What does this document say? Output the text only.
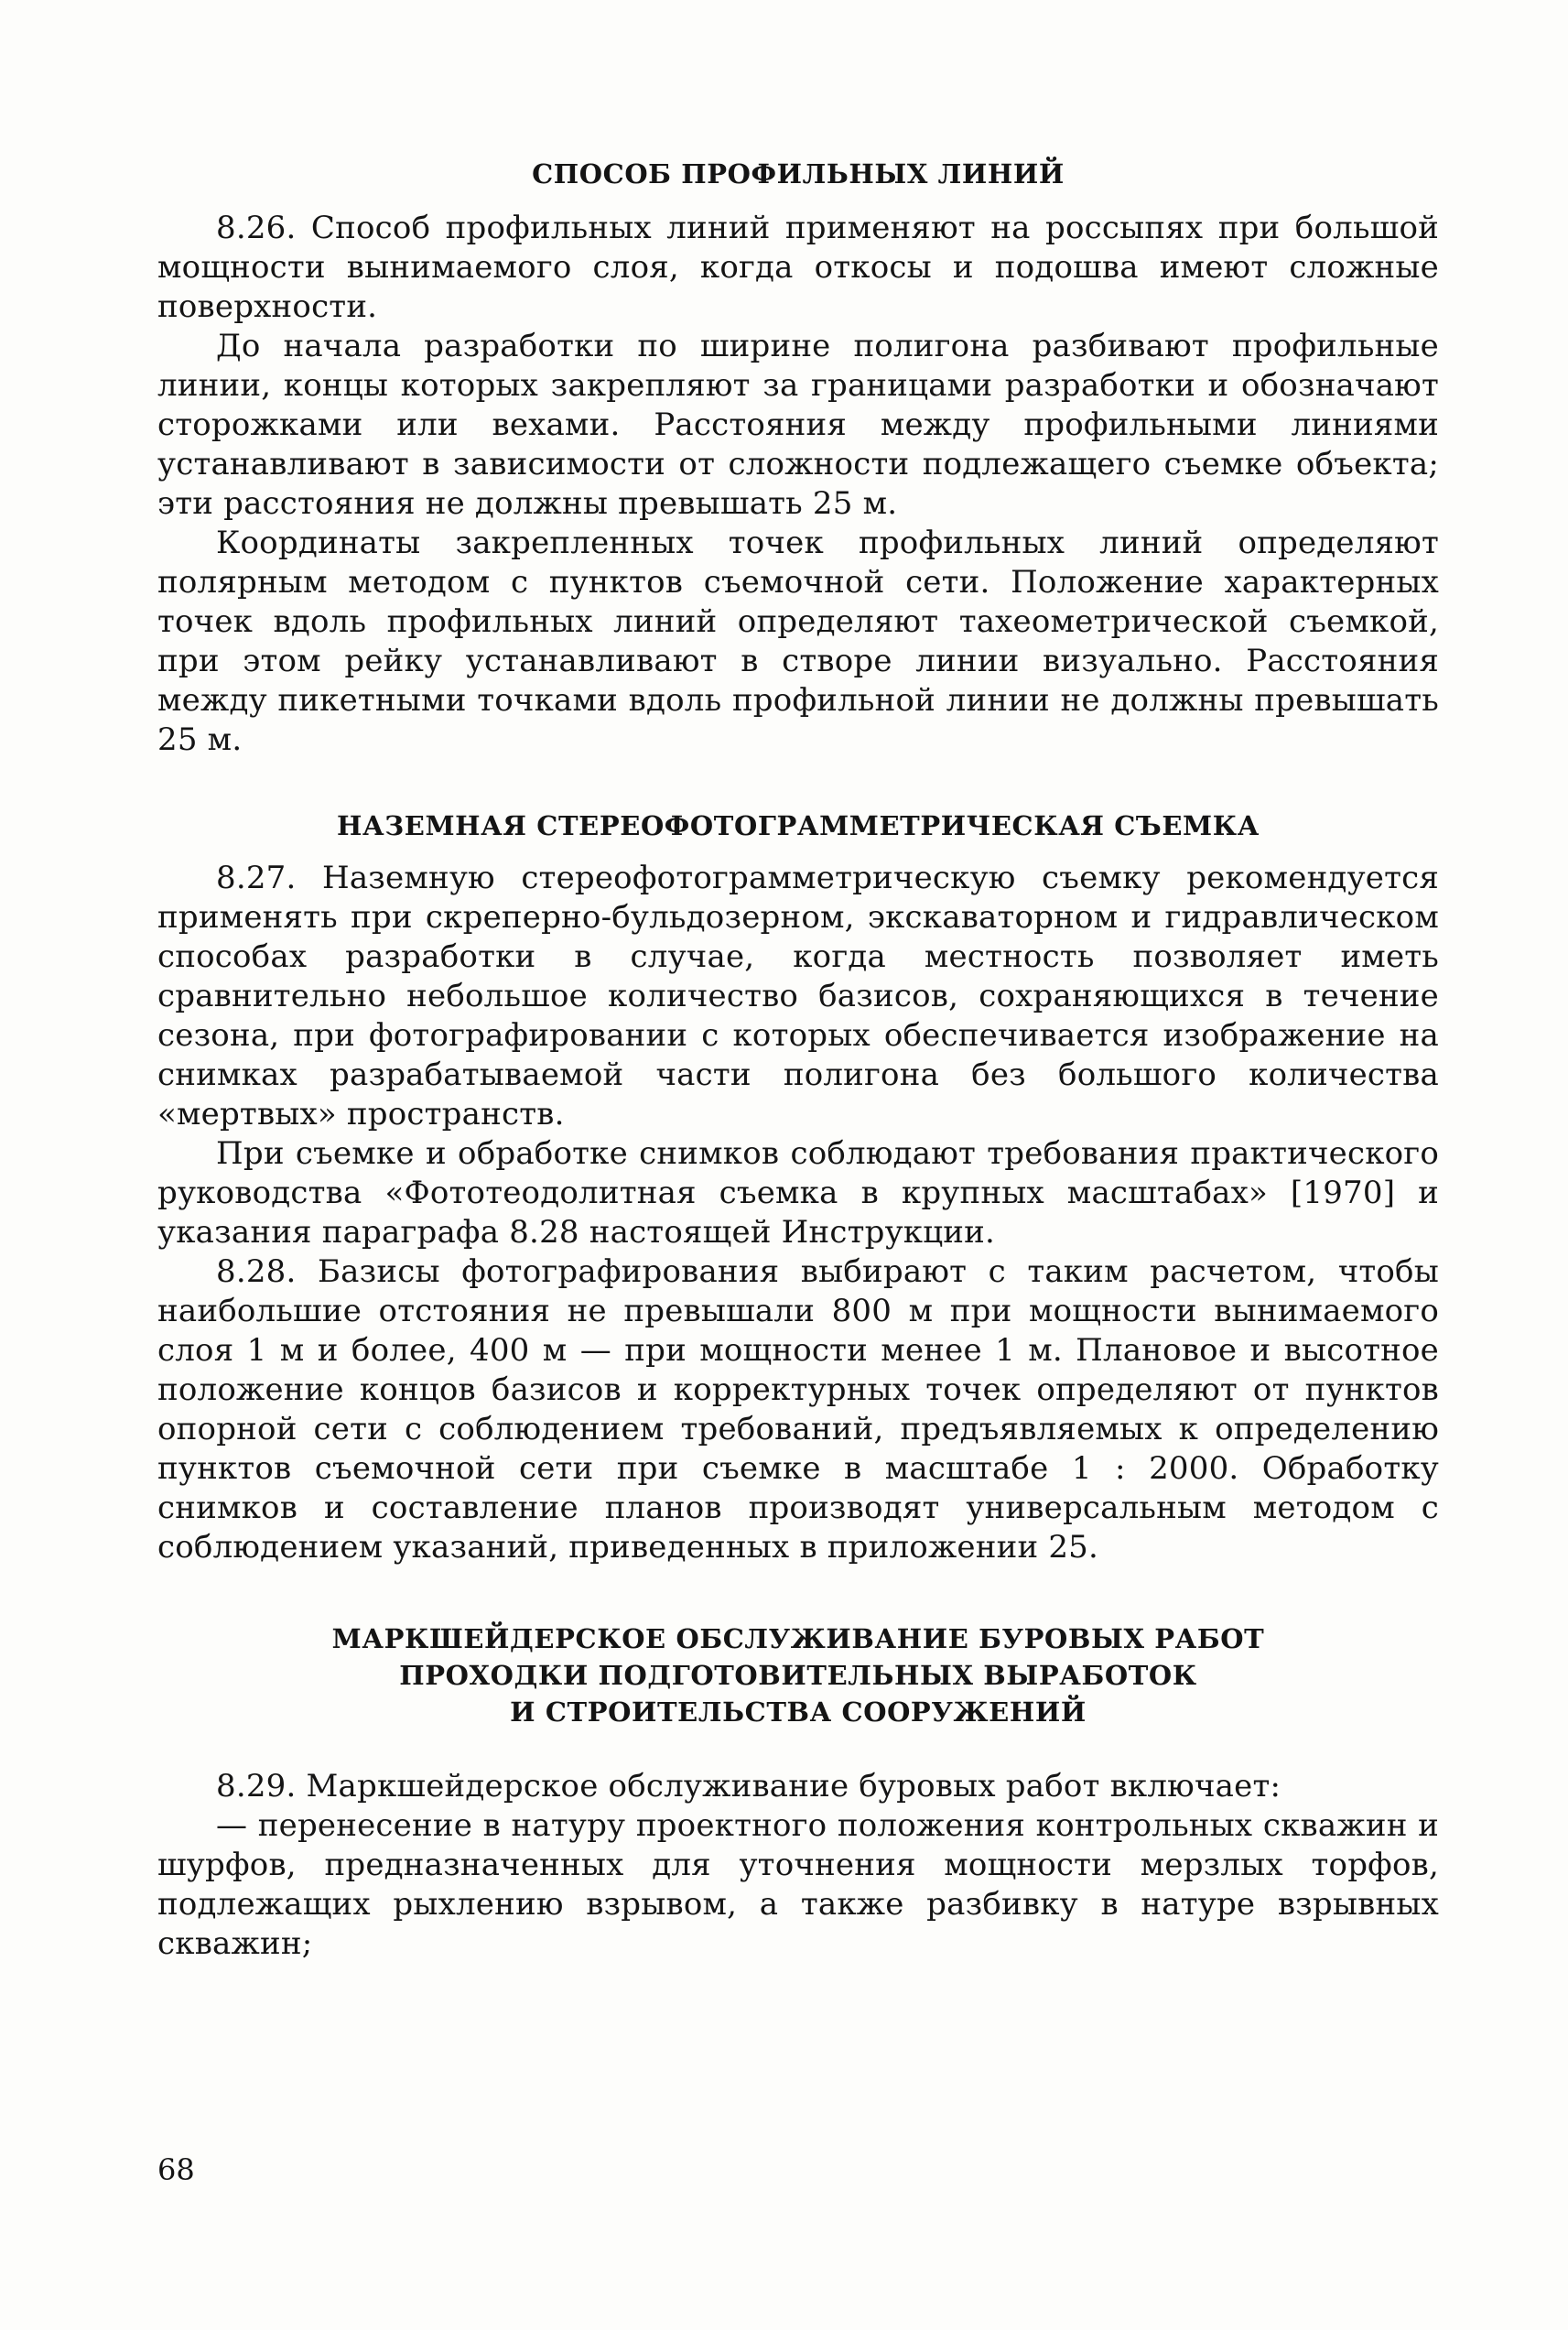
СПОСОБ ПРОФИЛЬНЫХ ЛИНИЙ

8.26. Способ профильных линий применяют на россыпях при большой мощности вынимаемого слоя, когда откосы и подошва имеют сложные поверхности.

До начала разработки по ширине полигона разбивают профильные линии, концы которых закрепляют за границами разработки и обозначают сторожками или вехами. Расстояния между профильными линиями устанавливают в зависимости от сложности подлежащего съемке объекта; эти расстояния не должны превышать 25 м.

Координаты закрепленных точек профильных линий определяют полярным методом с пунктов съемочной сети. Положение характерных точек вдоль профильных линий определяют тахеометрической съемкой, при этом рейку устанавливают в створе линии визуально. Расстояния между пикетными точками вдоль профильной линии не должны превышать 25 м.

НАЗЕМНАЯ СТЕРЕОФОТОГРАММЕТРИЧЕСКАЯ СЪЕМКА

8.27. Наземную стереофотограмметрическую съемку рекомендуется применять при скреперно-бульдозерном, экскаваторном и гидравлическом способах разработки в случае, когда местность позволяет иметь сравнительно небольшое количество базисов, сохраняющихся в течение сезона, при фотографировании с которых обеспечивается изображение на снимках разрабатываемой части полигона без большого количества «мертвых» пространств.

При съемке и обработке снимков соблюдают требования практического руководства «Фототеодолитная съемка в крупных масштабах» [1970] и указания параграфа 8.28 настоящей Инструкции.

8.28. Базисы фотографирования выбирают с таким расчетом, чтобы наибольшие отстояния не превышали 800 м при мощности вынимаемого слоя 1 м и более, 400 м — при мощности менее 1 м. Плановое и высотное положение концов базисов и корректурных точек определяют от пунктов опорной сети с соблюдением требований, предъявляемых к определению пунктов съемочной сети при съемке в масштабе 1 : 2000. Обработку снимков и составление планов производят универсальным методом с соблюдением указаний, приведенных в приложении 25.

МАРКШЕЙДЕРСКОЕ ОБСЛУЖИВАНИЕ БУРОВЫХ РАБОТ
ПРОХОДКИ ПОДГОТОВИТЕЛЬНЫХ ВЫРАБОТОК
И СТРОИТЕЛЬСТВА СООРУЖЕНИЙ

8.29. Маркшейдерское обслуживание буровых работ включает:

— перенесение в натуру проектного положения контрольных скважин и шурфов, предназначенных для уточнения мощности мерзлых торфов, подлежащих рыхлению взрывом, а также разбивку в натуре взрывных скважин;

68
